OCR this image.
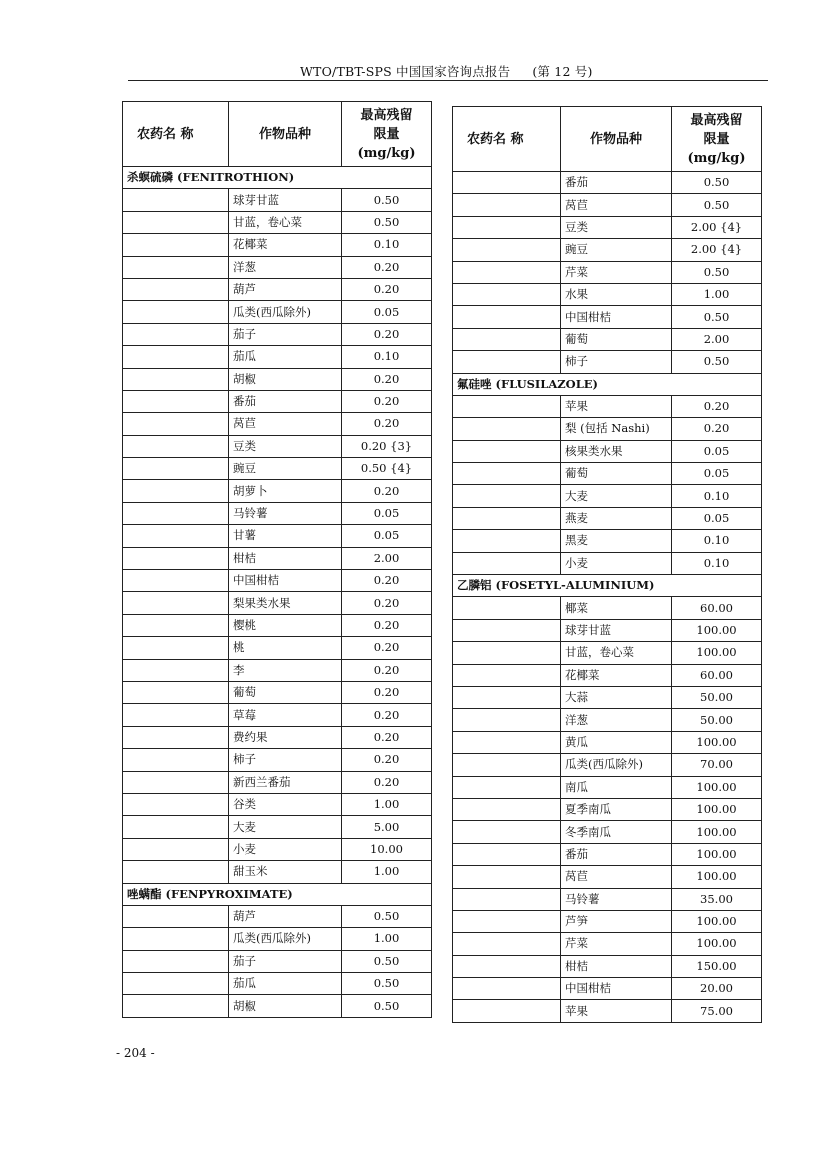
WTO/TBT-SPS 中国国家咨询点报告 (第 12 号)
农药名 称	作物品种	最高残留
限量
(mg/kg)

杀螟硫磷 (FENITROTHION)		
	球芽甘蓝	0.50
	甘蓝，卷心菜	0.50
	花椰菜	0.10
	洋葱	0.20
	葫芦	0.20
	瓜类(西瓜除外)	0.05
	茄子	0.20
	茄瓜	0.10
	胡椒	0.20
	番茄	0.20
	莴苣	0.20
	豆类	0.20 {3}
	豌豆	0.50 {4}
	胡萝卜	0.20
	马铃薯	0.05
	甘薯	0.05
	柑桔	2.00
	中国柑桔	0.20
	梨果类水果	0.20
	樱桃	0.20
	桃	0.20
	李	0.20
	葡萄	0.20
	草莓	0.20
	费约果	0.20
	柿子	0.20
	新西兰番茄	0.20
	谷类	1.00
	大麦	5.00
	小麦	10.00
	甜玉米	1.00
唑螨酯 (FENPYROXIMATE)		
	葫芦	0.50
	瓜类(西瓜除外)	1.00
	茄子	0.50
	茄瓜	0.50
	胡椒	0.50
农药名 称	作物品种	最高残留
限量
(mg/kg)

	番茄	0.50
	莴苣	0.50
	豆类	2.00 {4}
	豌豆	2.00 {4}
	芹菜	0.50
	水果	1.00
	中国柑桔	0.50
	葡萄	2.00
	柿子	0.50
氟硅唑 (FLUSILAZOLE)		
	苹果	0.20
	梨 (包括 Nashi)	0.20
	核果类水果	0.05
	葡萄	0.05
	大麦	0.10
	燕麦	0.05
	黑麦	0.10
	小麦	0.10
乙膦铝 (FOSETYL-ALUMINIUM)		
	椰菜	60.00
	球芽甘蓝	100.00
	甘蓝，卷心菜	100.00
	花椰菜	60.00
	大蒜	50.00
	洋葱	50.00
	黄瓜	100.00
	瓜类(西瓜除外)	70.00
	南瓜	100.00
	夏季南瓜	100.00
	冬季南瓜	100.00
	番茄	100.00
	莴苣	100.00
	马铃薯	35.00
	芦笋	100.00
	芹菜	100.00
	柑桔	150.00
	中国柑桔	20.00
	苹果	75.00
- 204 -
